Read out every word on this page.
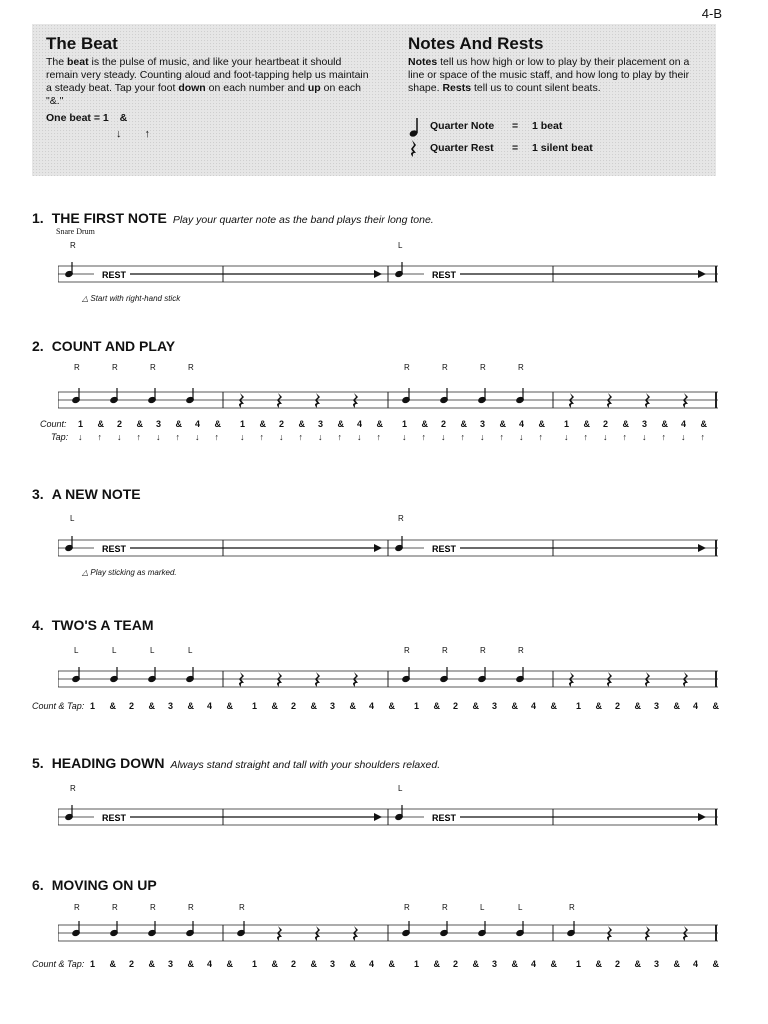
4-B
The Beat
The beat is the pulse of music, and like your heartbeat it should remain very steady. Counting aloud and foot-tapping help us maintain a steady beat. Tap your foot down on each number and up on each "&."
One beat = 1 &
↓ ↑
Notes And Rests
Notes tell us how high or low to play by their placement on a line or space of the music staff, and how long to play by their shape. Rests tell us to count silent beats.
Quarter Note = 1 beat
Quarter Rest = 1 silent beat
1. THE FIRST NOTE Play your quarter note as the band plays their long tone.
Snare Drum
R	L
REST	REST
△ Start with right-hand stick
2. COUNT AND PLAY
R	R	R	R	R	R	R	R
Count:
Tap:
1 & 2 & 3 & 4 & 1 & 2 & 3 & 4 & 1 & 2 & 3 & 4 & 1 & 2 & 3 & 4 &
↓ ↑ ↓ ↑ ↓ ↑ ↓ ↑ ↓ ↑ ↓ ↑ ↓ ↑ ↓ ↑ ↓ ↑ ↓ ↑ ↓ ↑ ↓ ↑ ↓ ↑ ↓ ↑ ↓ ↑ ↓ ↑
3. A NEW NOTE
L	R
REST	REST
△ Play sticking as marked.
4. TWO'S A TEAM
L	L	L	L	R	R	R	R
Count & Tap: 1 & 2 & 3 & 4 & 1 & 2 & 3 & 4 & 1 & 2 & 3 & 4 & 1 & 2 & 3 & 4 &
5. HEADING DOWN Always stand straight and tall with your shoulders relaxed.
R	L
REST	REST
6. MOVING ON UP
R	R	R	R	R	R	R	L	L	R
Count & Tap: 1 & 2 & 3 & 4 & 1 & 2 & 3 & 4 & 1 & 2 & 3 & 4 & 1 & 2 & 3 & 4 &
